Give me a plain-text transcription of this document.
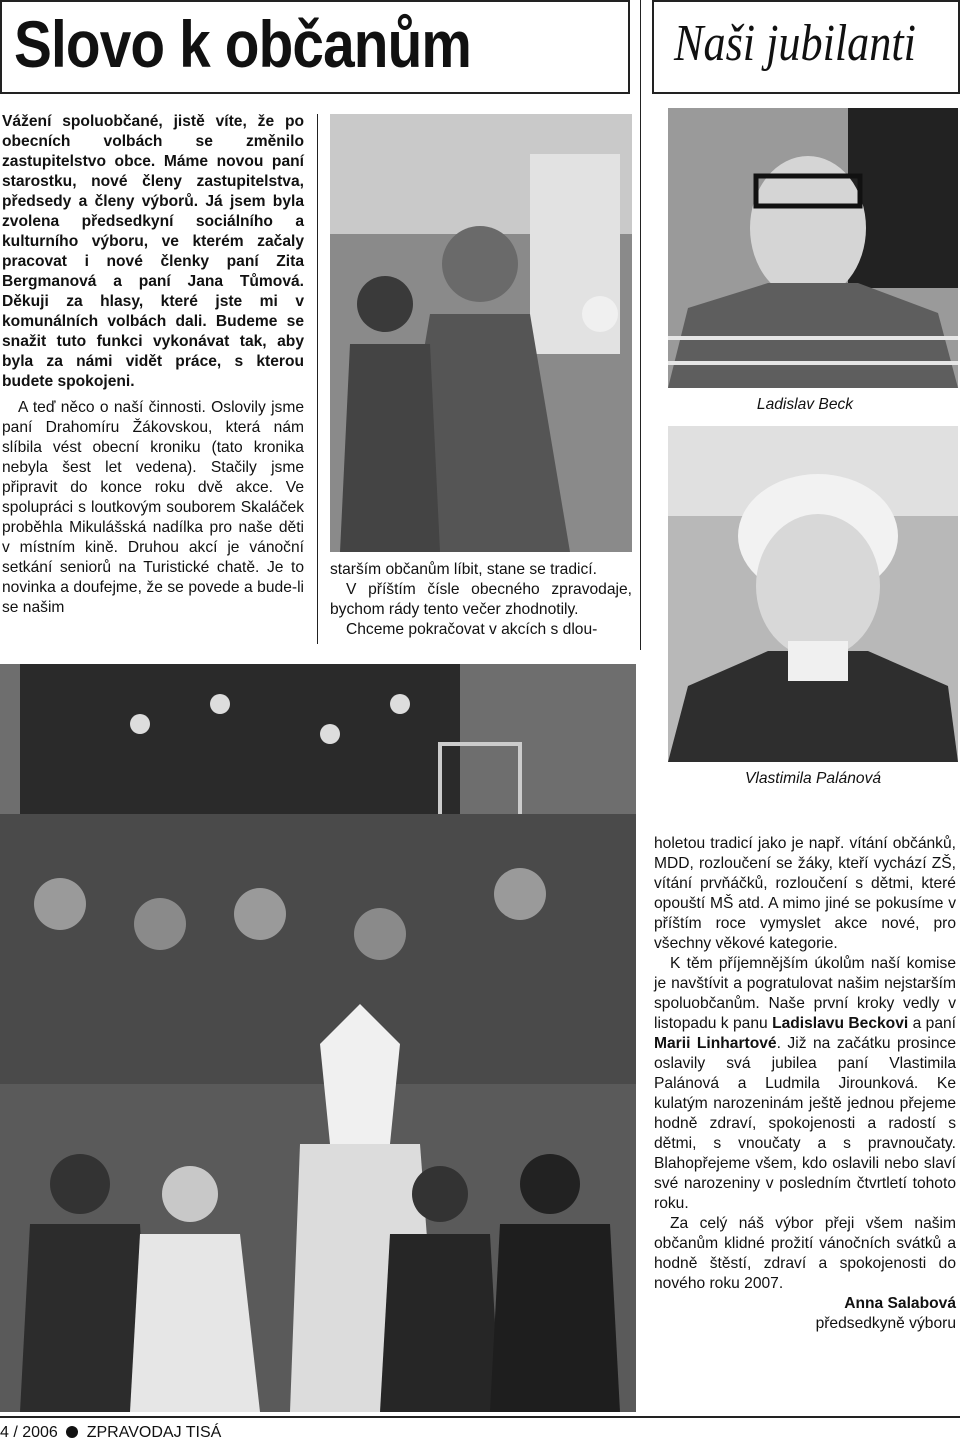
Slovo k občanům	Naši jubilanti

Vážení spoluobčané, jistě víte, že po obecních volbách se změnilo zastupitelstvo obce. Máme novou paní starostku, nové členy zastupitelstva, předsedy a členy výborů. Já jsem byla zvolena předsedkyní sociálního a kulturního výboru, ve kterém začaly pracovat i nové členky paní Zita Bergmanová a paní Jana Tůmová. Děkuji za hlasy, které jste mi v komunálních volbách dali. Budeme se snažit tuto funkci vykonávat tak, aby byla za námi vidět práce, s kterou budete spokojeni.

A teď něco o naší činnosti. Oslovily jsme paní Drahomíru Žákovskou, která nám slíbila vést obecní kroniku (tato kronika nebyla šest let vedena). Stačily jsme připravit do konce roku dvě akce. Ve spolupráci s loutkovým souborem Skaláček proběhla Mikulášská nadílka pro naše děti v místním kině. Druhou akcí je vánoční setkání seniorů na Turistické chatě. Je to novinka a doufejme, že se povede a bude-li se našim

starším občanům líbit, stane se tradicí.

V příštím čísle obecného zpravodaje, bychom rády tento večer zhodnotily.

Chceme pokračovat v akcích s dlou-

Ladislav Beck
Vlastimila Palánová

holetou tradicí jako je např. vítání občánků, MDD, rozloučení se žáky, kteří vychází ZŠ, vítání prvňáčků, rozloučení s dětmi, které opouští MŠ atd. A mimo jiné se pokusíme v příštím roce vymyslet akce nové, pro všechny věkové kategorie.

K těm příjemnějším úkolům naší komise je navštívit a pogratulovat našim nejstarším spoluobčanům. Naše první kroky vedly v listopadu k panu Ladislavu Beckovi a paní Marii Linhartové. Již na začátku prosince oslavily svá jubilea paní Vlastimila Palánová a Ludmila Jirounková. Ke kulatým narozeninám ještě jednou přejeme hodně zdraví, spokojenosti a radostí s dětmi, s vnoučaty a s pravnoučaty. Blahopřejeme všem, kdo oslavili nebo slaví své narozeniny v posledním čtvrtletí tohoto roku.

Za celý náš výbor přeji všem našim občanům klidné prožití vánočních svátků a hodně štěstí, zdraví a spokojenosti do nového roku 2007.

Anna Salabová

předsedkyně výboru

4 / 2006 ZPRAVODAJ TISÁ
